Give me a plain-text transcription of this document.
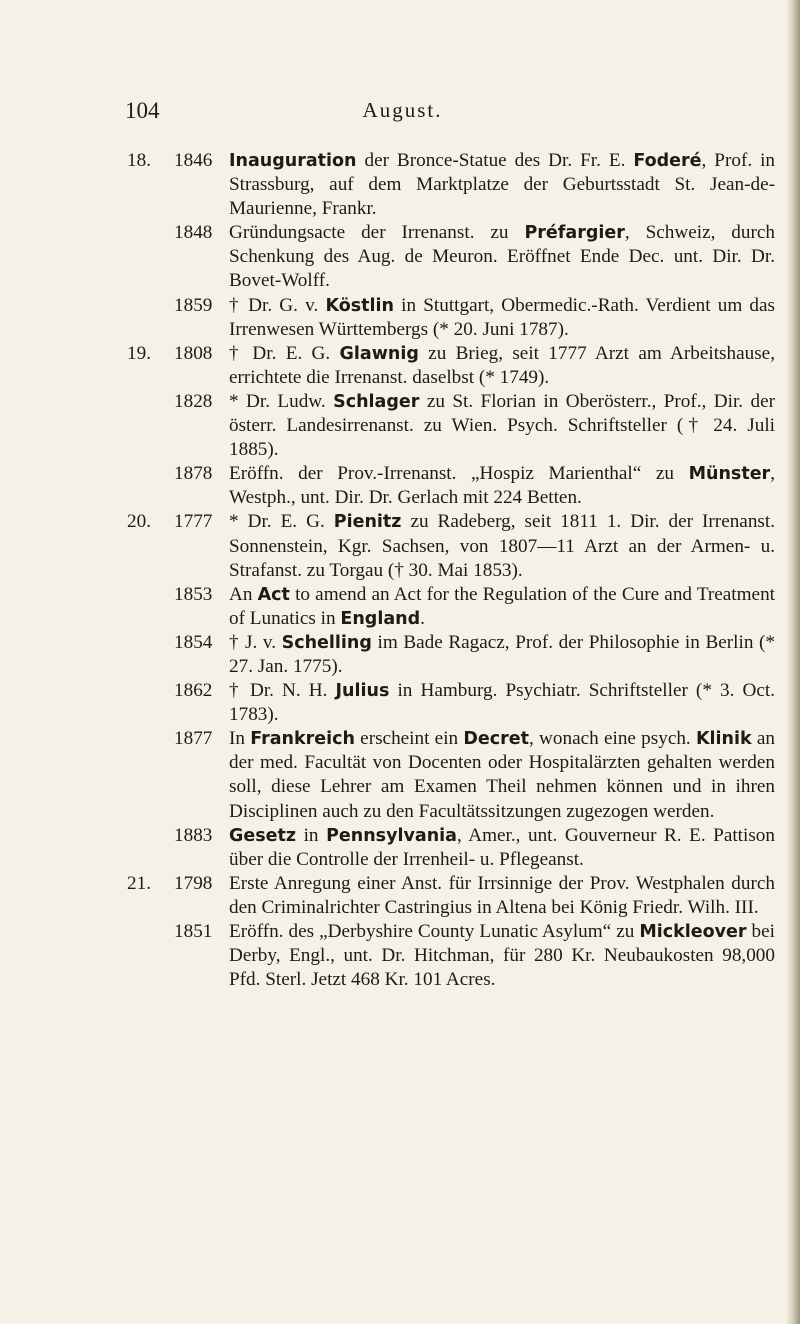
104	August.
18. 1846 Inauguration der Bronce-Statue des Dr. Fr. E. Foderé, Prof. in Strassburg, auf dem Marktplatze der Geburtsstadt St. Jean-de-Maurienne, Frankr.

1848 Gründungsacte der Irrenanst. zu Préfargier, Schweiz, durch Schenkung des Aug. de Meuron. Eröffnet Ende Dec. unt. Dir. Dr. Bovet-Wolff.

1859 † Dr. G. v. Köstlin in Stuttgart, Obermedic.-Rath. Verdient um das Irrenwesen Württembergs (* 20. Juni 1787).

19. 1808 † Dr. E. G. Glawnig zu Brieg, seit 1777 Arzt am Arbeitshause, errichtete die Irrenanst. daselbst (* 1749).

1828 * Dr. Ludw. Schlager zu St. Florian in Oberösterr., Prof., Dir. der österr. Landesirrenanst. zu Wien. Psych. Schriftsteller († 24. Juli 1885).

1878 Eröffn. der Prov.-Irrenanst. „Hospiz Marienthal“ zu Münster, Westph., unt. Dir. Dr. Gerlach mit 224 Betten.

20. 1777 * Dr. E. G. Pienitz zu Radeberg, seit 1811 1. Dir. der Irrenanst. Sonnenstein, Kgr. Sachsen, von 1807—11 Arzt an der Armen- u. Strafanst. zu Torgau († 30. Mai 1853).

1853 An Act to amend an Act for the Regulation of the Cure and Treatment of Lunatics in England.

1854 † J. v. Schelling im Bade Ragacz, Prof. der Philosophie in Berlin (* 27. Jan. 1775).

1862 † Dr. N. H. Julius in Hamburg. Psychiatr. Schriftsteller (* 3. Oct. 1783).

1877 In Frankreich erscheint ein Decret, wonach eine psych. Klinik an der med. Facultät von Docenten oder Hospitalärzten gehalten werden soll, diese Lehrer am Examen Theil nehmen können und in ihren Disciplinen auch zu den Facultätssitzungen zugezogen werden.

1883 Gesetz in Pennsylvania, Amer., unt. Gouverneur R. E. Pattison über die Controlle der Irrenheil- u. Pflegeanst.

21. 1798 Erste Anregung einer Anst. für Irrsinnige der Prov. Westphalen durch den Criminalrichter Castringius in Altena bei König Friedr. Wilh. III.

1851 Eröffn. des „Derbyshire County Lunatic Asylum“ zu Mickleover bei Derby, Engl., unt. Dr. Hitchman, für 280 Kr. Neubaukosten 98,000 Pfd. Sterl. Jetzt 468 Kr. 101 Acres.
